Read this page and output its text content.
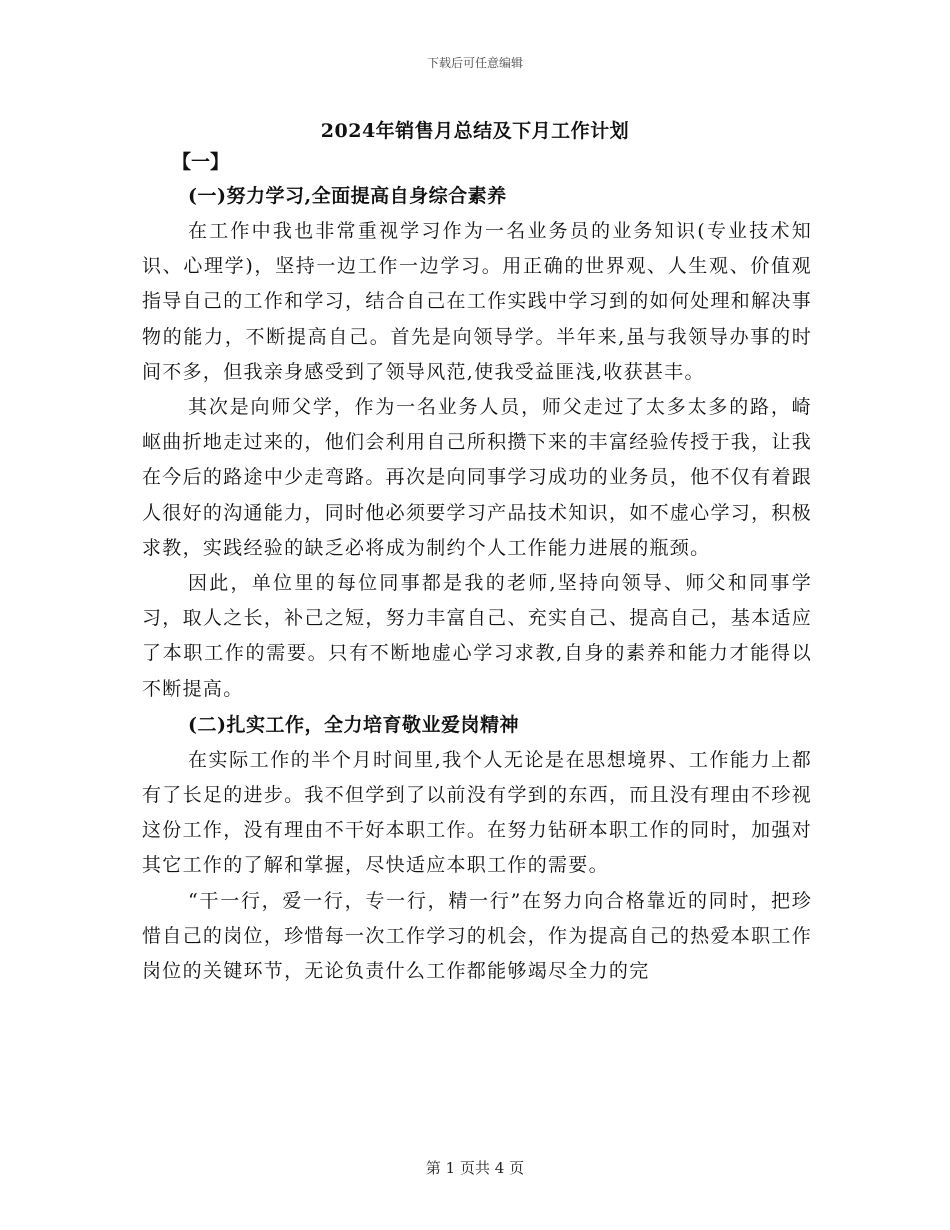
下载后可任意编辑
2024年销售月总结及下月工作计划

【一】

(一)努力学习,全面提高自身综合素养

在工作中我也非常重视学习作为一名业务员的业务知识(专业技术知识、心理学)，坚持一边工作一边学习。用正确的世界观、人生观、价值观指导自己的工作和学习，结合自己在工作实践中学习到的如何处理和解决事物的能力，不断提高自己。首先是向领导学。半年来,虽与我领导办事的时间不多，但我亲身感受到了领导风范,使我受益匪浅,收获甚丰。

其次是向师父学，作为一名业务人员，师父走过了太多太多的路，崎岖曲折地走过来的，他们会利用自己所积攒下来的丰富经验传授于我，让我在今后的路途中少走弯路。再次是向同事学习成功的业务员，他不仅有着跟人很好的沟通能力，同时他必须要学习产品技术知识，如不虚心学习，积极求教，实践经验的缺乏必将成为制约个人工作能力进展的瓶颈。

因此，单位里的每位同事都是我的老师,坚持向领导、师父和同事学习，取人之长，补己之短，努力丰富自己、充实自己、提高自己，基本适应了本职工作的需要。只有不断地虚心学习求教,自身的素养和能力才能得以不断提高。

(二)扎实工作，全力培育敬业爱岗精神

在实际工作的半个月时间里,我个人无论是在思想境界、工作能力上都有了长足的进步。我不但学到了以前没有学到的东西，而且没有理由不珍视这份工作，没有理由不干好本职工作。在努力钻研本职工作的同时，加强对其它工作的了解和掌握，尽快适应本职工作的需要。

“干一行，爱一行，专一行，精一行”在努力向合格靠近的同时，把珍惜自己的岗位，珍惜每一次工作学习的机会，作为提高自己的热爱本职工作岗位的关键环节，无论负责什么工作都能够竭尽全力的完

第 1 页共 4 页
